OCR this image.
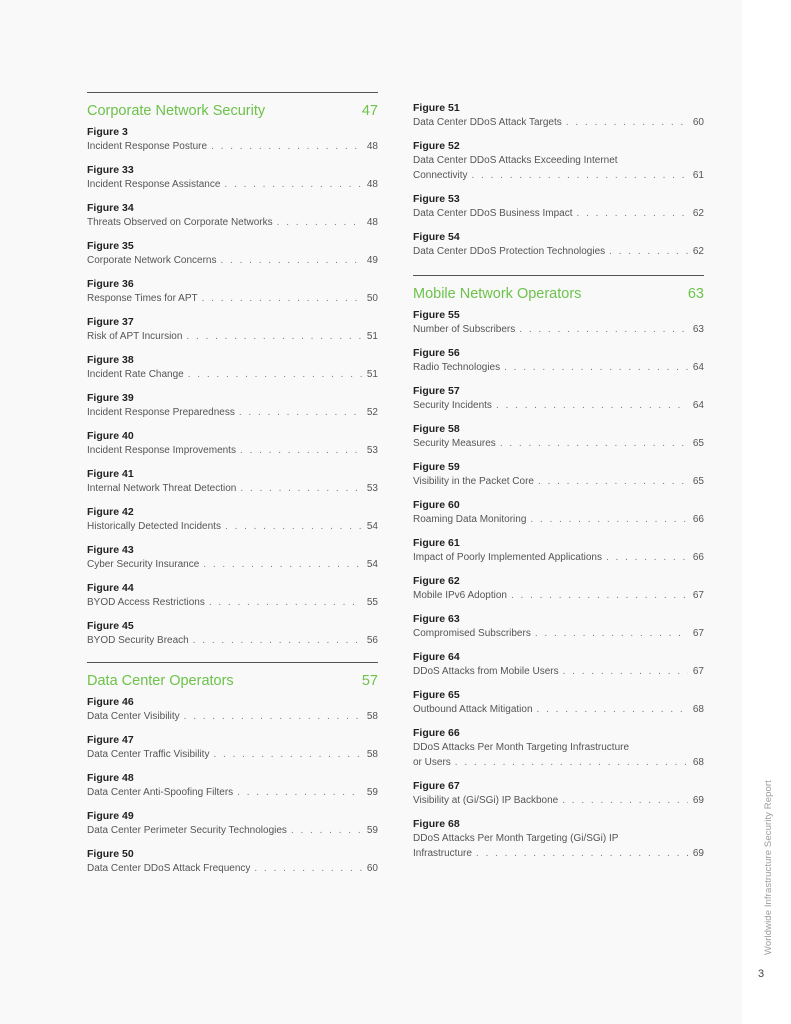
Worldwide Infrastructure Security Report
3
Corporate Network Security	47
Figure 3
Incident Response Posture . . .	48
Figure 33
Incident Response Assistance . . .	48
Figure 34
Threats Observed on Corporate Networks . . .	48
Figure 35
Corporate Network Concerns . . .	49
Figure 36
Response Times for APT . . .	50
Figure 37
Risk of APT Incursion . . .	51
Figure 38
Incident Rate Change . . .	51
Figure 39
Incident Response Preparedness . . .	52
Figure 40
Incident Response Improvements . . .	53
Figure 41
Internal Network Threat Detection . . .	53
Figure 42
Historically Detected Incidents . . .	54
Figure 43
Cyber Security Insurance . . .	54
Figure 44
BYOD Access Restrictions . . .	55
Figure 45
BYOD Security Breach . . .	56
Data Center Operators	57
Figure 46
Data Center Visibility . . .	58
Figure 47
Data Center Traffic Visibility . . .	58
Figure 48
Data Center Anti-Spoofing Filters . . .	59
Figure 49
Data Center Perimeter Security Technologies . . .	59
Figure 50
Data Center DDoS Attack Frequency . . .	60
Figure 51
Data Center DDoS Attack Targets . . .	60
Figure 52
Data Center DDoS Attacks Exceeding Internet
Connectivity . . .	61
Figure 53
Data Center DDoS Business Impact . . .	62
Figure 54
Data Center DDoS Protection Technologies . . .	62
Mobile Network Operators	63
Figure 55
Number of Subscribers . . .	63
Figure 56
Radio Technologies . . .	64
Figure 57
Security Incidents . . .	64
Figure 58
Security Measures . . .	65
Figure 59
Visibility in the Packet Core . . .	65
Figure 60
Roaming Data Monitoring . . .	66
Figure 61
Impact of Poorly Implemented Applications . . .	66
Figure 62
Mobile IPv6 Adoption . . .	67
Figure 63
Compromised Subscribers . . .	67
Figure 64
DDoS Attacks from Mobile Users . . .	67
Figure 65
Outbound Attack Mitigation . . .	68
Figure 66
DDoS Attacks Per Month Targeting Infrastructure
or Users . . .	68
Figure 67
Visibility at (Gi/SGi) IP Backbone . . .	69
Figure 68
DDoS Attacks Per Month Targeting (Gi/SGi) IP
Infrastructure . . .	69
